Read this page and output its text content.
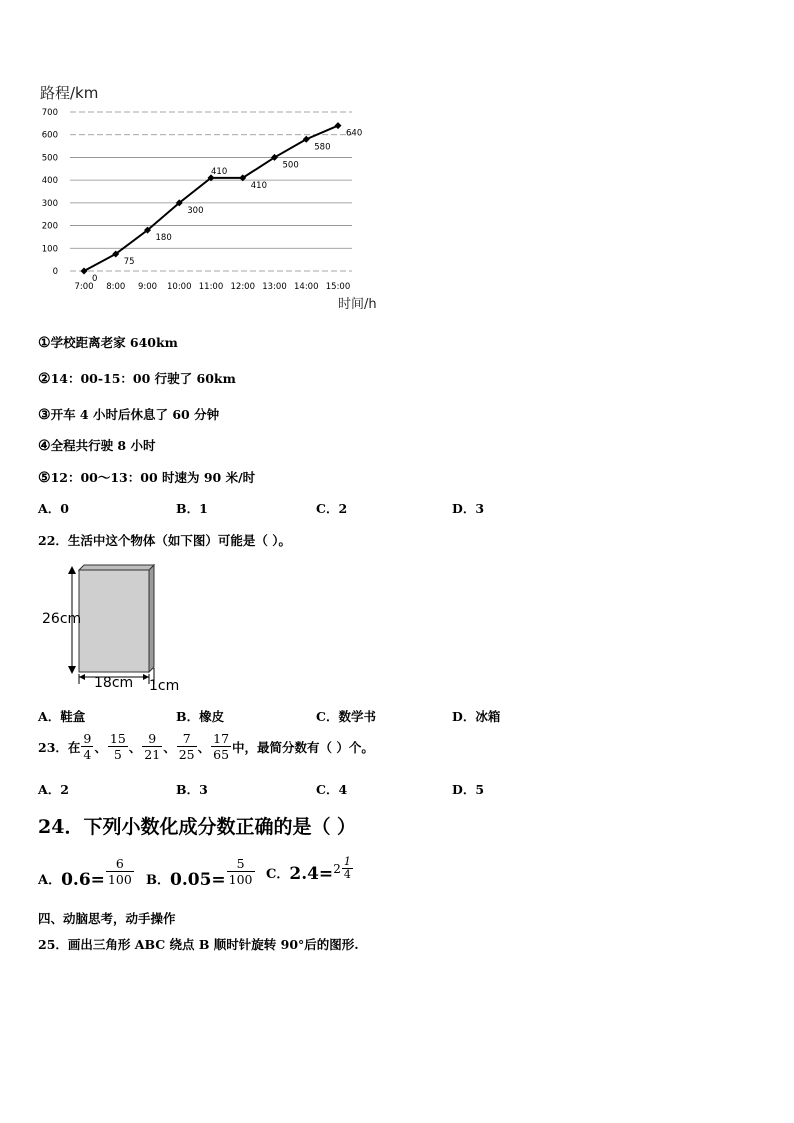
路程/km
0
100
200
300
400
500
600
700
7:00 8:00 9:00 10:00 11:00 12:00 13:00 14:00 15:00
0
75
180
300
410
410
500
580
640
时间/h
①学校距离老家 640km
②14：00-15：00 行驶了 60km
③开车 4 小时后休息了 60 分钟
④全程共行驶 8 小时
⑤12：00～13：00 时速为 90 米/时
A．0	B．1	C．2	D．3
22．生活中这个物体（如下图）可能是（ ）。
26cm
18cm 1cm
A．鞋盒	B．橡皮	C．数学书	D．冰箱
23．在 $\frac{9}{4}$ 、 $\frac{15}{5}$ 、 $\frac{9}{21}$ 、 $\frac{7}{25}$ 、 $\frac{17}{65}$ 中，最简分数有（ ）个。
A．2	B．3	C．4	D．5
24．下列小数化成分数正确的是（ ）
A． $0.6= \frac{6}{100}$ B． $0.05= \frac{5}{100}$ C． $2.4= 2 \frac{1}{4}$
四、动脑思考，动手操作
25．画出三角形 ABC 绕点 B 顺时针旋转 90°后的图形.
